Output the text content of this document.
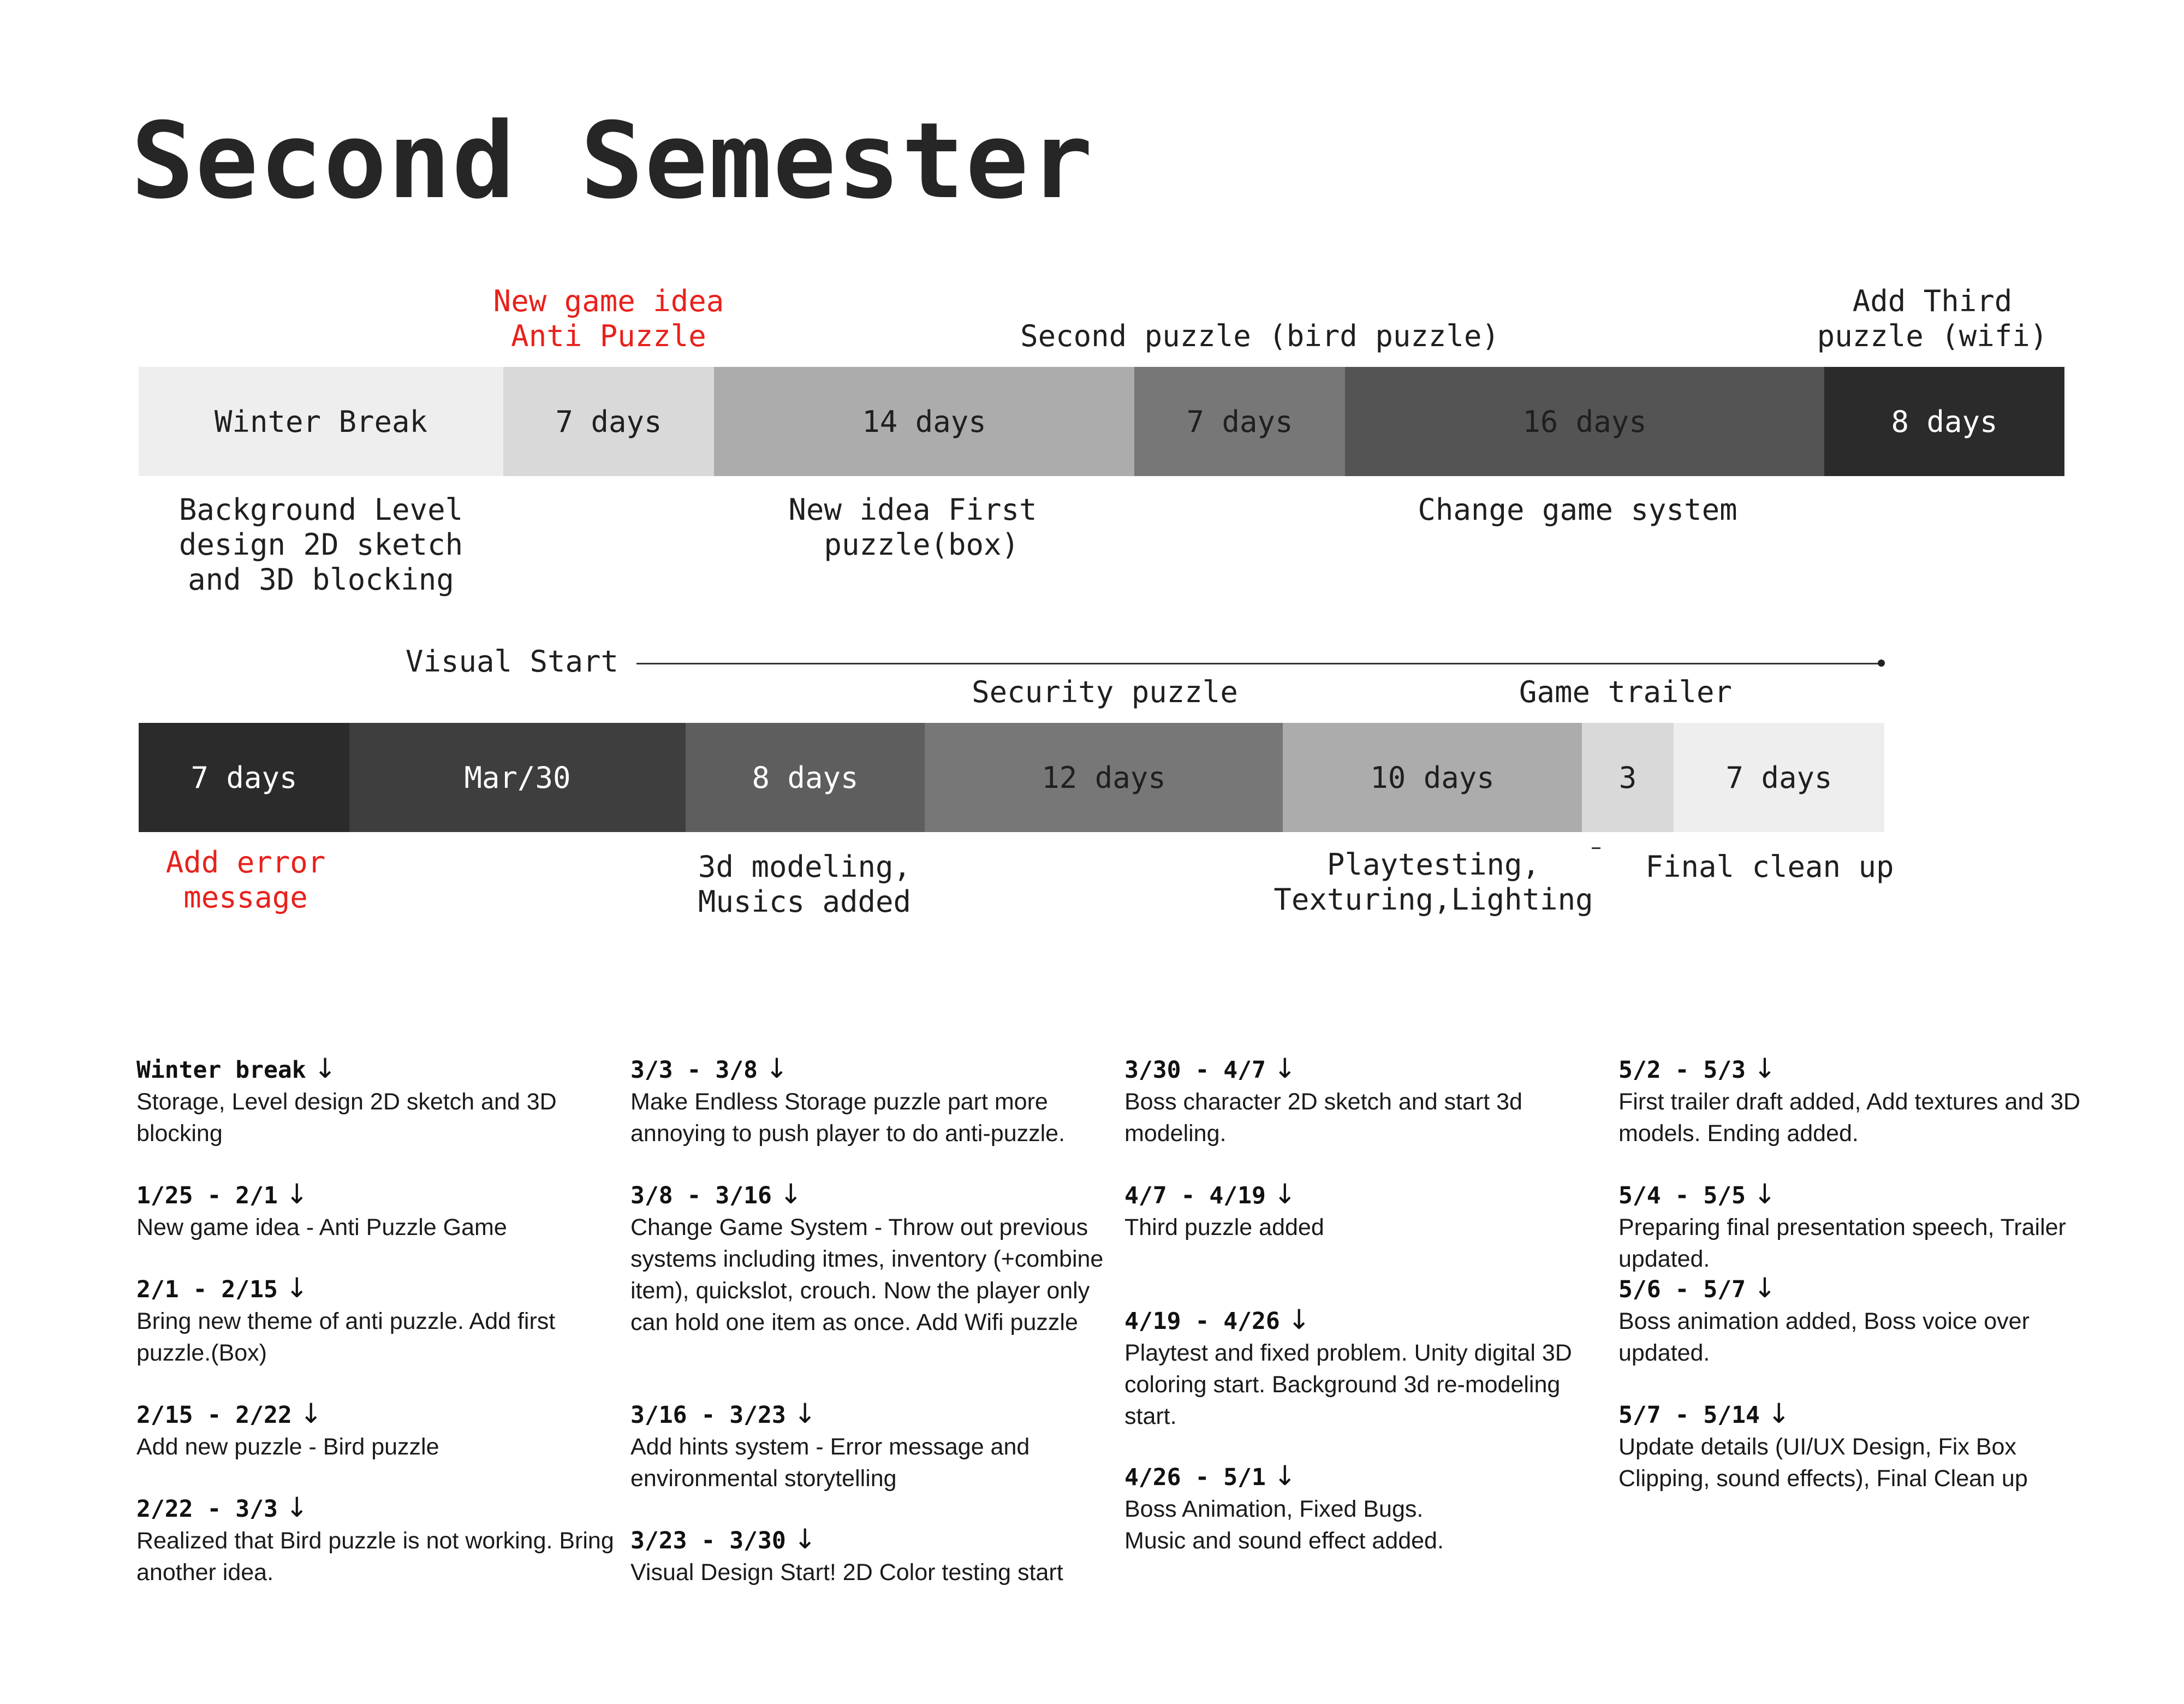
Second Semester
New game idea
Anti Puzzle	Second puzzle (bird puzzle)
Add Third
puzzle (wifi)
Winter Break	7 days	14 days	7 days	16 days	8 days
Background Level
design 2D sketch
and 3D blocking
New idea First
puzzle(box)
Change game system
Visual Start
Security puzzle	Game trailer
7 days	Mar/30	8 days	12 days	10 days	3	7 days
Add error
message
3d modeling,
Musics added
Playtesting,
Texturing,Lighting
Final clean up
Winter break ↓
Storage, Level design 2D sketch and 3D blocking
1/25 - 2/1 ↓
New game idea - Anti Puzzle Game
2/1 - 2/15 ↓
Bring new theme of anti puzzle. Add first puzzle.(Box)
2/15 - 2/22 ↓
Add new puzzle - Bird puzzle
2/22 - 3/3 ↓
Realized that Bird puzzle is not working. Bring another idea.
3/3 - 3/8 ↓
Make Endless Storage puzzle part more annoying to push player to do anti-puzzle.
3/8 - 3/16 ↓
Change Game System - Throw out previous systems including itmes, inventory (+combine item), quickslot, crouch. Now the player only can hold one item as once. Add Wifi puzzle
3/16 - 3/23 ↓
Add hints system - Error message and environmental storytelling
3/23 - 3/30 ↓
Visual Design Start! 2D Color testing start
3/30 - 4/7 ↓
Boss character 2D sketch and start 3d modeling.
4/7 - 4/19 ↓
Third puzzle added
4/19 - 4/26 ↓
Playtest and fixed problem. Unity digital 3D coloring start. Background 3d re-modeling start.
4/26 - 5/1 ↓
Boss Animation, Fixed Bugs.
Music and sound effect added.
5/2 - 5/3 ↓
First trailer draft added, Add textures and 3D models. Ending added.
5/4 - 5/5 ↓
Preparing final presentation speech, Trailer updated.
5/6 - 5/7 ↓
Boss animation added, Boss voice over updated.
5/7 - 5/14 ↓
Update details (UI/UX Design, Fix Box Clipping, sound effects), Final Clean up
